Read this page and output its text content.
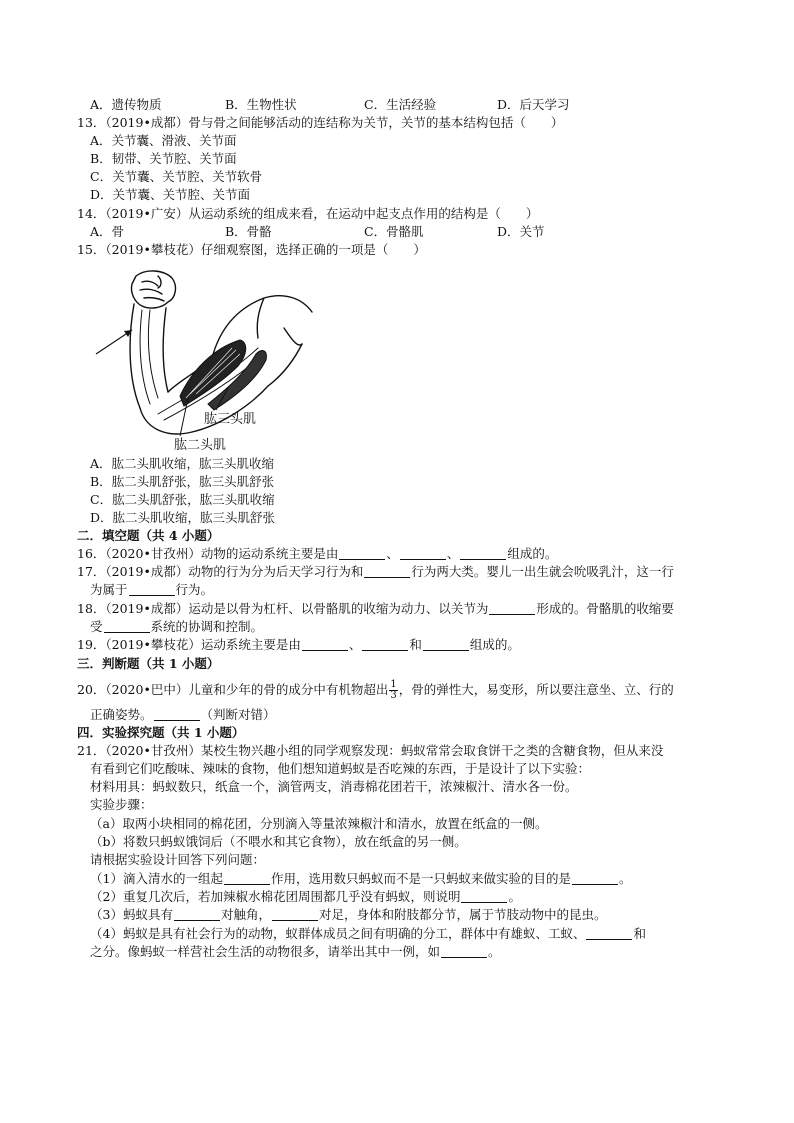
A．遗传物质	B．生物性状	C．生活经验	D．后天学习
13．（2019•成都）骨与骨之间能够活动的连结称为关节，关节的基本结构包括（　　）
A．关节囊、滑液、关节面
B．韧带、关节腔、关节面
C．关节囊、关节腔、关节软骨
D．关节囊、关节腔、关节面
14．（2019•广安）从运动系统的组成来看，在运动中起支点作用的结构是（　　）
A．骨	B．骨骼	C．骨骼肌	D．关节
15．（2019•攀枝花）仔细观察图，选择正确的一项是（　　）
肱三头肌
肱二头肌
A．肱二头肌收缩，肱三头肌收缩
B．肱二头肌舒张，肱三头肌舒张
C．肱二头肌舒张，肱三头肌收缩
D．肱二头肌收缩，肱三头肌舒张
二．填空题（共 4 小题）
16．（2020•甘孜州）动物的运动系统主要是由	、	、	组成的。
17．（2019•成都）动物的行为分为后天学习行为和	行为两大类。婴儿一出生就会吮吸乳汁，这一行
为属于	行为。
18．（2019•成都）运动是以骨为杠杆、以骨骼肌的收缩为动力、以关节为	形成的。骨骼肌的收缩要
受	系统的协调和控制。
19．（2019•攀枝花）运动系统主要是由	、	和	组成的。
三．判断题（共 1 小题）
20．（2020•巴中）儿童和少年的骨的成分中有机物超出 $\frac{1}{3}$ ，骨的弹性大，易变形，所以要注意坐、立、行的
正确姿势。	（判断对错）
四．实验探究题（共 1 小题）
21．（2020•甘孜州）某校生物兴趣小组的同学观察发现：蚂蚁常常会取食饼干之类的含糖食物，但从来没
有看到它们吃酸味、辣味的食物，他们想知道蚂蚁是否吃辣的东西，于是设计了以下实验：
材料用具：蚂蚁数只，纸盒一个，滴管两支，消毒棉花团若干，浓辣椒汁、清水各一份。
实验步骤：
（a）取两小块相同的棉花团，分别滴入等量浓辣椒汁和清水，放置在纸盒的一侧。
（b）将数只蚂蚁饿饲后（不喂水和其它食物），放在纸盒的另一侧。
请根据实验设计回答下列问题：
（1）滴入清水的一组起	作用，选用数只蚂蚁而不是一只蚂蚁来做实验的目的是	。
（2）重复几次后，若加辣椒水棉花团周围都几乎没有蚂蚁，则说明	。
（3）蚂蚁具有	对触角，	对足，身体和附肢都分节，属于节肢动物中的昆虫。
（4）蚂蚁是具有社会行为的动物，蚁群体成员之间有明确的分工，群体中有雄蚁、工蚁、	和
之分。像蚂蚁一样营社会生活的动物很多，请举出其中一例，如	。
